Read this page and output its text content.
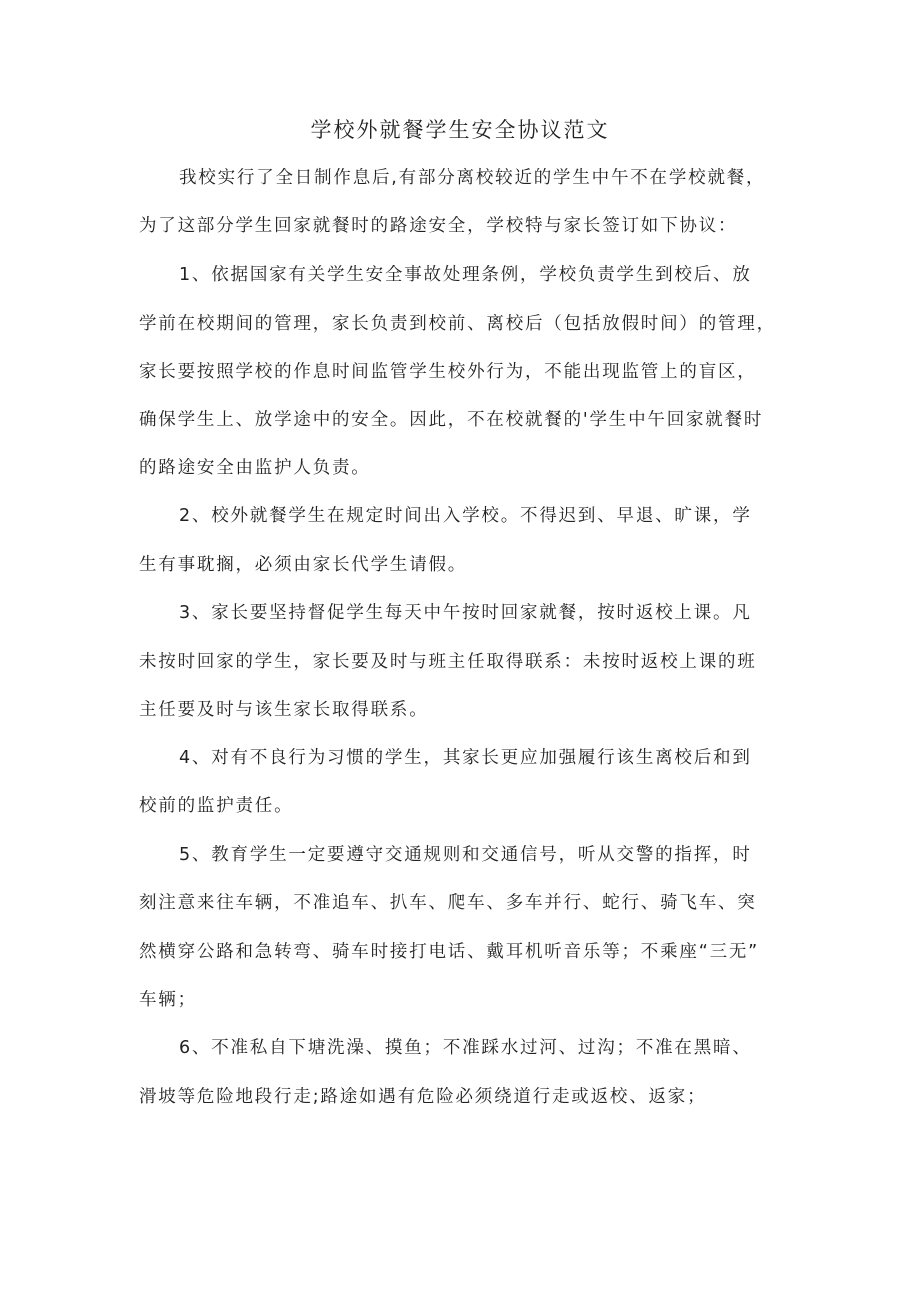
学校外就餐学生安全协议范文

我校实行了全日制作息后,有部分离校较近的学生中午不在学校就餐，

为了这部分学生回家就餐时的路途安全，学校特与家长签订如下协议：

1、依据国家有关学生安全事故处理条例，学校负责学生到校后、放

学前在校期间的管理，家长负责到校前、离校后（包括放假时间）的管理，

家长要按照学校的作息时间监管学生校外行为，不能出现监管上的盲区，

确保学生上、放学途中的安全。因此，不在校就餐的'学生中午回家就餐时

的路途安全由监护人负责。

2、校外就餐学生在规定时间出入学校。不得迟到、早退、旷课，学

生有事耽搁，必须由家长代学生请假。

3、家长要坚持督促学生每天中午按时回家就餐，按时返校上课。凡

未按时回家的学生，家长要及时与班主任取得联系：未按时返校上课的班

主任要及时与该生家长取得联系。

4、对有不良行为习惯的学生，其家长更应加强履行该生离校后和到

校前的监护责任。

5、教育学生一定要遵守交通规则和交通信号，听从交警的指挥，时

刻注意来往车辆，不准追车、扒车、爬车、多车并行、蛇行、骑飞车、突

然横穿公路和急转弯、骑车时接打电话、戴耳机听音乐等；不乘座“三无”

车辆；

6、不准私自下塘洗澡、摸鱼；不准踩水过河、过沟；不准在黑暗、

滑坡等危险地段行走;路途如遇有危险必须绕道行走或返校、返家；
